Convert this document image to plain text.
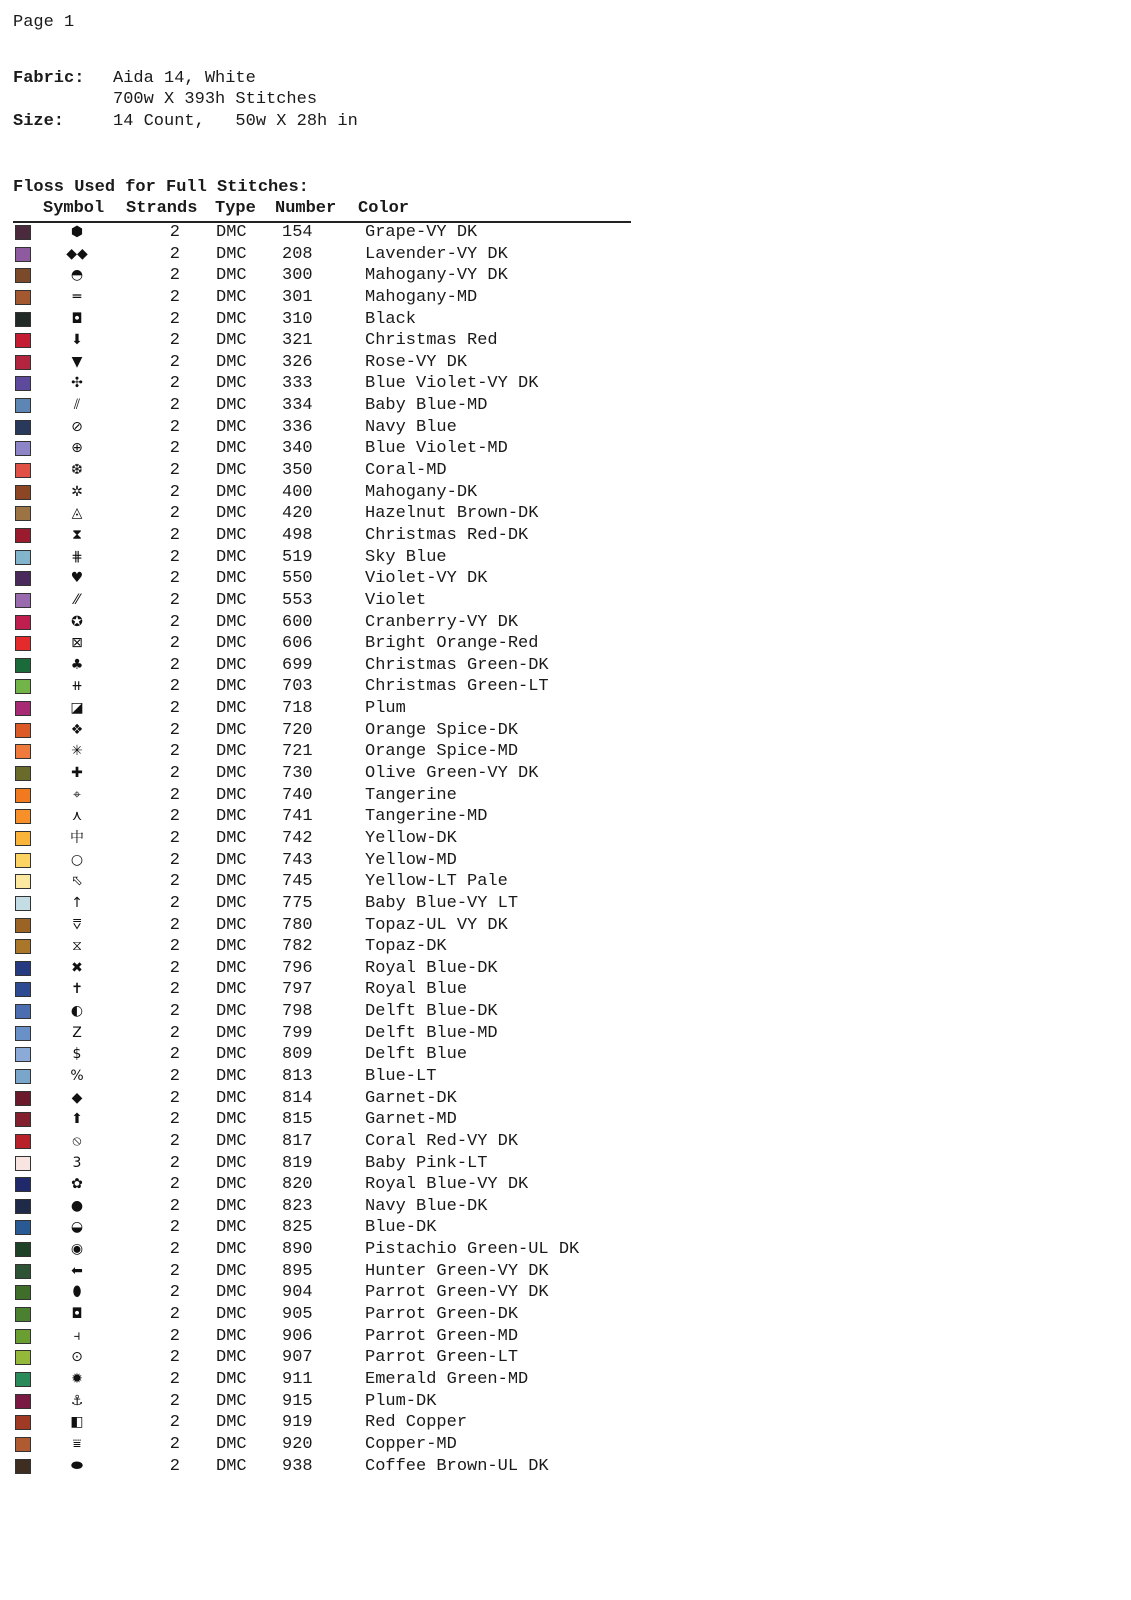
Page 1
Fabric: Aida 14, White
700w X 393h Stitches
Size:	14 Count,   50w X 28h in
Floss Used for Full Stitches:
Symbol Strands Type Number Color
⬢	2 DMC 154	Grape-VY DK
◆◆	2 DMC 208	Lavender-VY DK
◓	2 DMC 300	Mahogany-VY DK
═	2 DMC 301	Mahogany-MD
◘	2 DMC 310	Black
⬇	2 DMC 321	Christmas Red
▼	2 DMC 326	Rose-VY DK
✣	2 DMC 333	Blue Violet-VY DK
⫽	2 DMC 334	Baby Blue-MD
⊘	2 DMC 336	Navy Blue
⊕	2 DMC 340	Blue Violet-MD
❆	2 DMC 350	Coral-MD
✲	2 DMC 400	Mahogany-DK
◬	2 DMC 420	Hazelnut Brown-DK
⧗	2 DMC 498	Christmas Red-DK
⋕	2 DMC 519	Sky Blue
♥	2 DMC 550	Violet-VY DK
⁄⁄	2 DMC 553	Violet
✪	2 DMC 600	Cranberry-VY DK
⊠	2 DMC 606	Bright Orange-Red
♣	2 DMC 699	Christmas Green-DK
⧺	2 DMC 703	Christmas Green-LT
◪	2 DMC 718	Plum
❖	2 DMC 720	Orange Spice-DK
✳	2 DMC 721	Orange Spice-MD
✚	2 DMC 730	Olive Green-VY DK
⌖	2 DMC 740	Tangerine
⋏	2 DMC 741	Tangerine-MD
中	2 DMC 742	Yellow-DK
○	2 DMC 743	Yellow-MD
⬁	2 DMC 745	Yellow-LT Pale
↑	2 DMC 775	Baby Blue-VY LT
⩢	2 DMC 780	Topaz-UL VY DK
⧖	2 DMC 782	Topaz-DK
✖	2 DMC 796	Royal Blue-DK
✝	2 DMC 797	Royal Blue
◐	2 DMC 798	Delft Blue-DK
Z	2 DMC 799	Delft Blue-MD
$	2 DMC 809	Delft Blue
%	2 DMC 813	Blue-LT
◆	2 DMC 814	Garnet-DK
⬆	2 DMC 815	Garnet-MD
⦸	2 DMC 817	Coral Red-VY DK
3	2 DMC 819	Baby Pink-LT
✿	2 DMC 820	Royal Blue-VY DK
●	2 DMC 823	Navy Blue-DK
◒	2 DMC 825	Blue-DK
◉	2 DMC 890	Pistachio Green-UL DK
⬅	2 DMC 895	Hunter Green-VY DK
⬮	2 DMC 904	Parrot Green-VY DK
◘	2 DMC 905	Parrot Green-DK
⫞	2 DMC 906	Parrot Green-MD
⊙	2 DMC 907	Parrot Green-LT
✹	2 DMC 911	Emerald Green-MD
⚓	2 DMC 915	Plum-DK
◧	2 DMC 919	Red Copper
⩸	2 DMC 920	Copper-MD
⬬	2 DMC 938	Coffee Brown-UL DK
